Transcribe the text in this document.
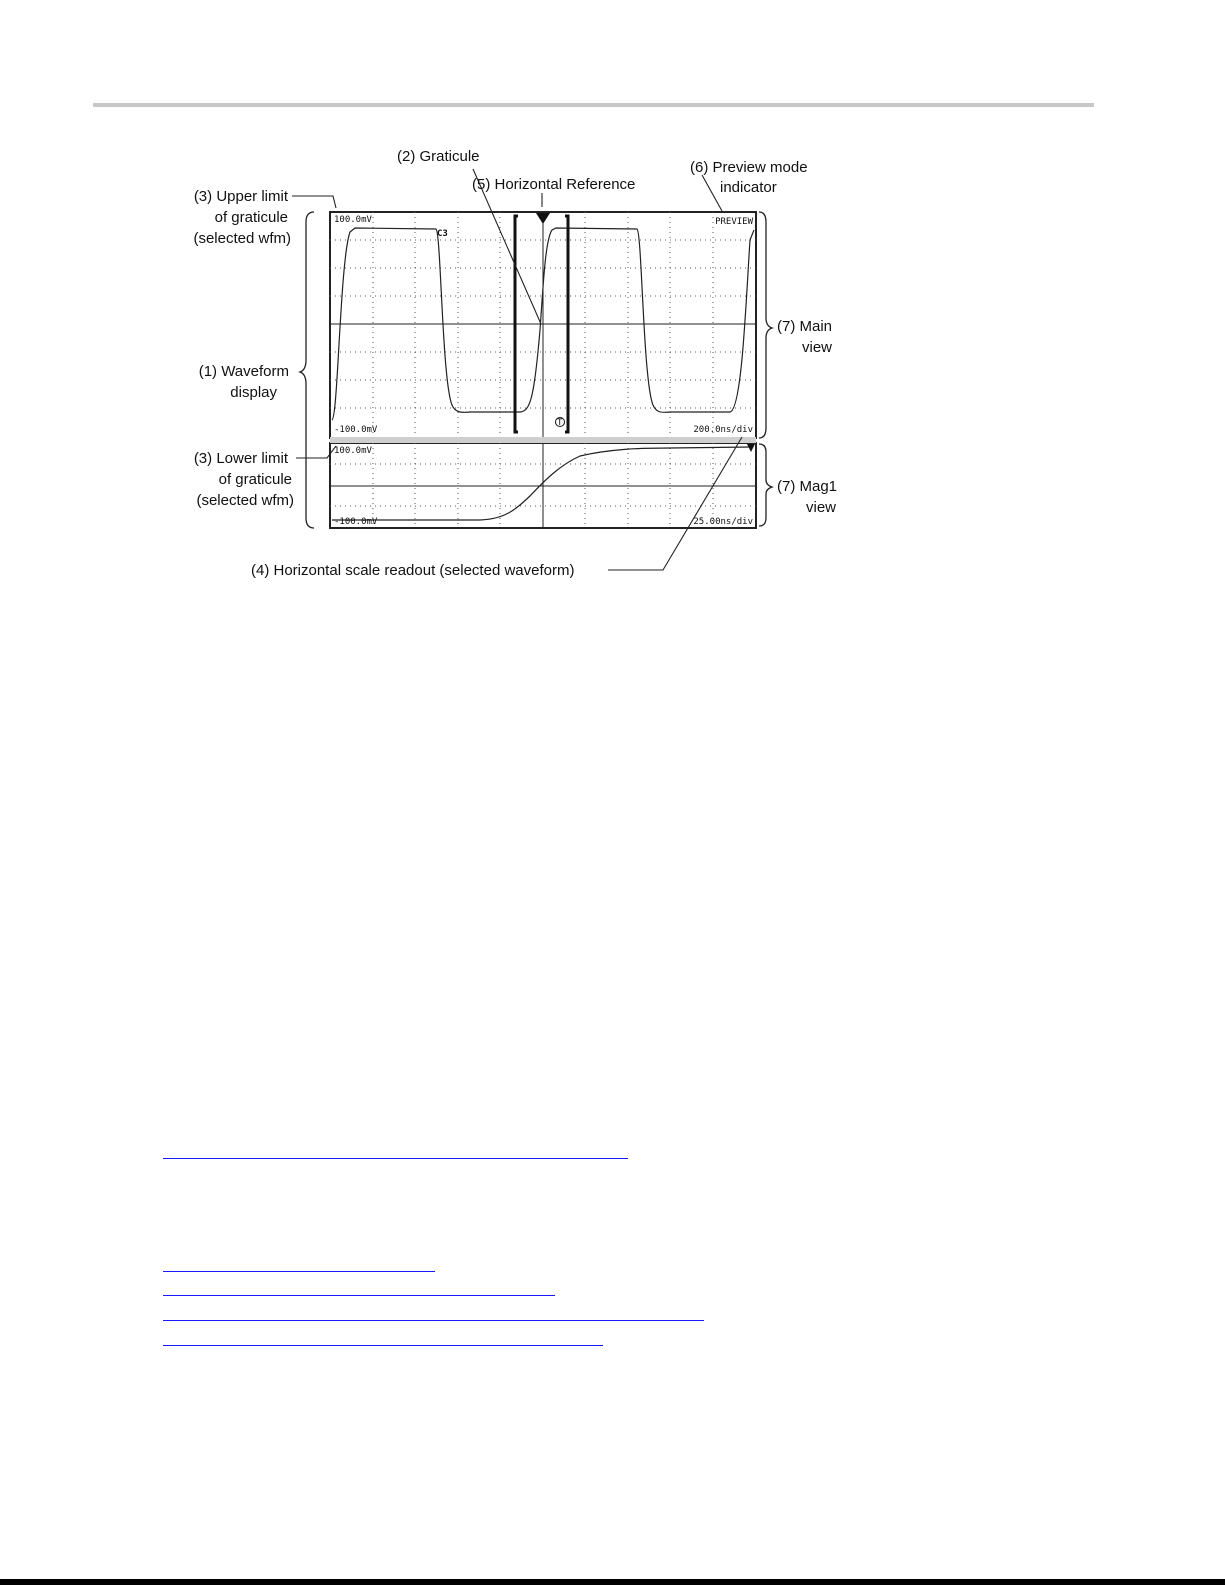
100.0mV
-100.0mV	200.0ns/div
PREVIEW
C3
100.0mV
-100.0mV	25.00ns/div
T
(2) Graticule
(5) Horizontal Reference
(6) Preview mode
indicator
(3) Upper limit
of graticule
(selected wfm)
(1) Waveform
display
(3) Lower limit
of graticule
(selected wfm)
(7) Main
view
(7) Mag1
view
(4) Horizontal scale readout (selected waveform)
